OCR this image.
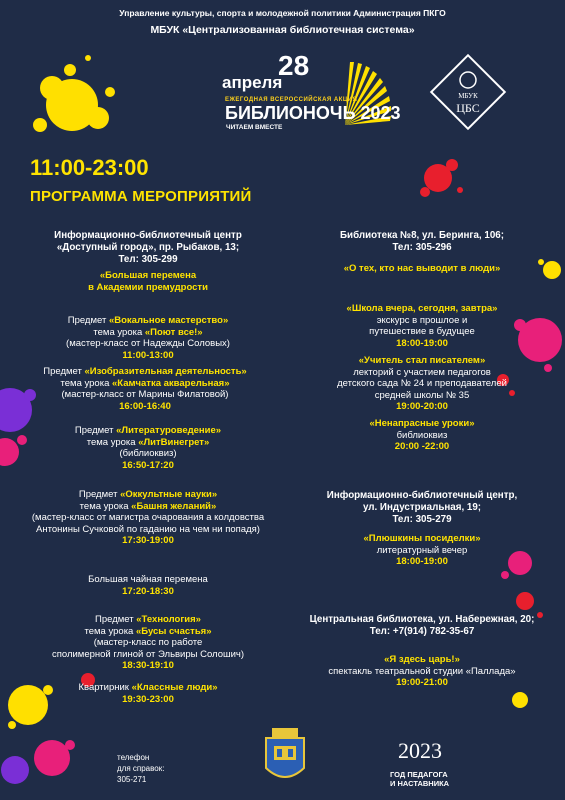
Управление культуры, спорта и молодежной политики Администрация ПКГО
МБУК «Централизованная библиотечная система»
28
апреля
ЕЖЕГОДНАЯ ВСЕРОССИЙСКАЯ АКЦИЯ
БИБЛИОНОЧЬ 2023
ЧИТАЕМ ВМЕСТЕ
МБУК
ЦБС
11:00-23:00
ПРОГРАММА МЕРОПРИЯТИЙ
Информационно-библиотечный центр
«Доступный город», пр. Рыбаков, 13;
Тел: 305-299
«Большая перемена
в Академии премудрости
Предмет «Вокальное мастерство»
тема урока «Поют все!»
(мастер-класс от Надежды Соловых)
11:00-13:00
Предмет «Изобразительная деятельность»
тема урока «Камчатка акварельная»
(мастер-класс от Марины Филатовой)
16:00-16:40
Предмет «Литературоведение»
тема урока «ЛитВинегрет»
(библиоквиз)
16:50-17:20
Предмет «Оккультные науки»
тема урока «Башня желаний»
(мастер-класс от магистра очарования а колдовства Антонины Сучковой по гаданию на чем ни попадя)
17:30-19:00
Большая чайная перемена
17:20-18:30
Предмет «Технология»
тема урока «Бусы счастья»
(мастер-класс по работе
сполимерной глиной от Эльвиры Солошич)
18:30-19:10
Квартирник «Классные люди»
19:30-23:00
Библиотека №8, ул. Беринга, 106;
Тел: 305-296
«О тех, кто нас выводит в люди»
«Школа вчера, сегодня, завтра»
экскурс в прошлое и
путешествие в будущее
18:00-19:00
«Учитель стал писателем»
лекторий с участием педагогов
детского сада № 24 и преподавателей
средней школы № 35
19:00-20:00
«Ненапрасные уроки»
библиоквиз
20:00 -22:00
Информационно-библиотечный центр,
ул. Индустриальная, 19;
Тел: 305-279
«Плюшкины посиделки»
литературный вечер
18:00-19:00
Центральная библиотека, ул. Набережная, 20;
Тел: +7(914) 782-35-67
«Я здесь царь!»
спектакль театральной студии «Паллада»
19:00-21:00
телефон
для справок:
305-271
2023
ГОД ПЕДАГОГА
И НАСТАВНИКА
